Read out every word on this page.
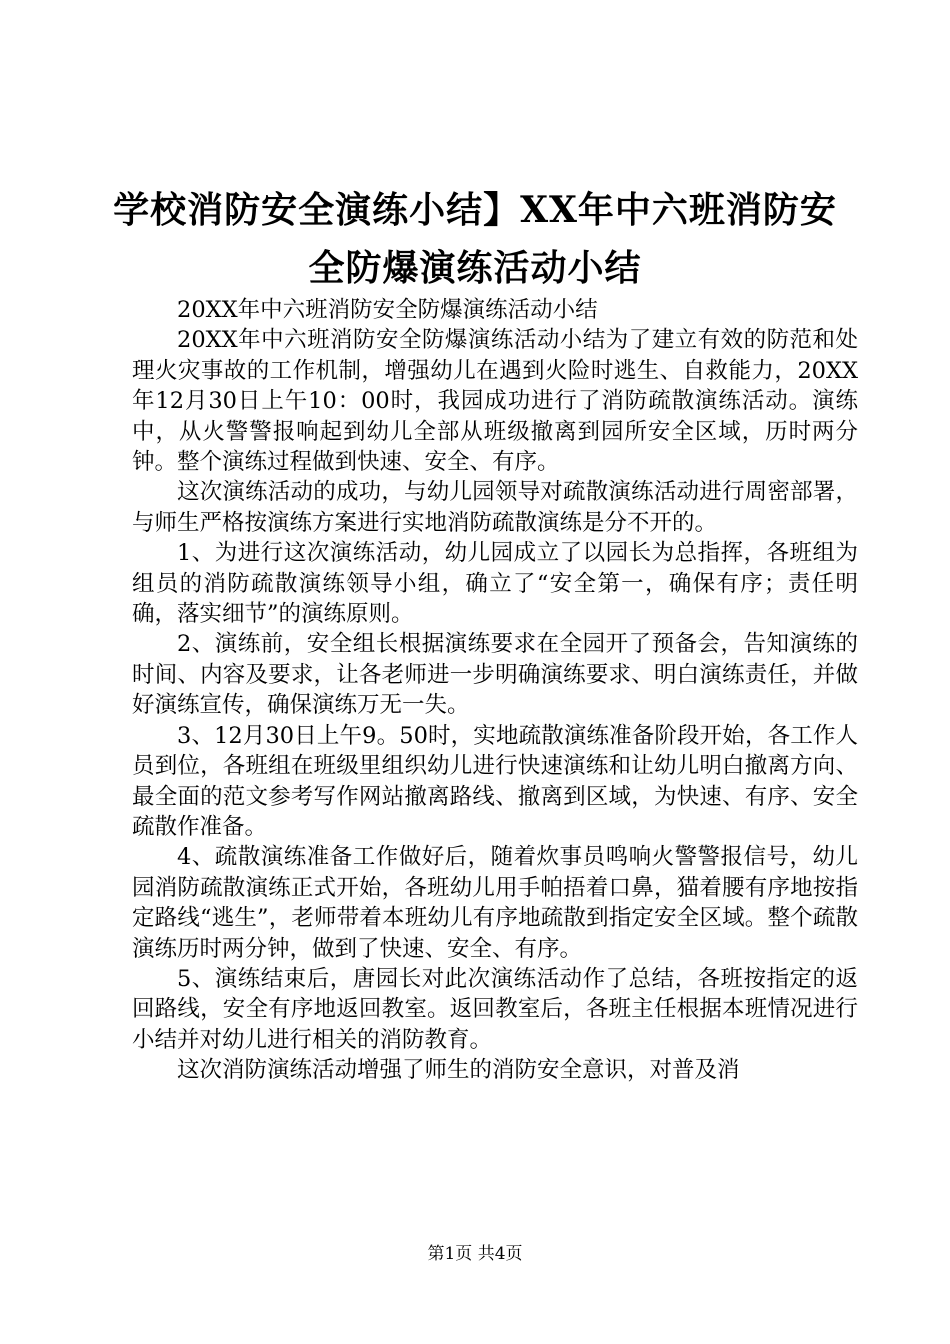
学校消防安全演练小结】XX年中六班消防安
全防爆演练活动小结

20XX年中六班消防安全防爆演练活动小结

20XX年中六班消防安全防爆演练活动小结为了建立有效的防范和处理火灾事故的工作机制，增强幼儿在遇到火险时逃生、自救能力，20XX年12月30日上午10：00时，我园成功进行了消防疏散演练活动。演练中，从火警警报响起到幼儿全部从班级撤离到园所安全区域，历时两分钟。整个演练过程做到快速、安全、有序。

这次演练活动的成功，与幼儿园领导对疏散演练活动进行周密部署，与师生严格按演练方案进行实地消防疏散演练是分不开的。

1、为进行这次演练活动，幼儿园成立了以园长为总指挥，各班组为组员的消防疏散演练领导小组，确立了“安全第一，确保有序；责任明确，落实细节”的演练原则。

2、演练前，安全组长根据演练要求在全园开了预备会，告知演练的时间、内容及要求，让各老师进一步明确演练要求、明白演练责任，并做好演练宣传，确保演练万无一失。

3、12月30日上午9。50时，实地疏散演练准备阶段开始，各工作人员到位，各班组在班级里组织幼儿进行快速演练和让幼儿明白撤离方向、最全面的范文参考写作网站撤离路线、撤离到区域，为快速、有序、安全疏散作准备。

4、疏散演练准备工作做好后，随着炊事员鸣响火警警报信号，幼儿园消防疏散演练正式开始，各班幼儿用手帕捂着口鼻，猫着腰有序地按指定路线“逃生”，老师带着本班幼儿有序地疏散到指定安全区域。整个疏散演练历时两分钟，做到了快速、安全、有序。

5、演练结束后，唐园长对此次演练活动作了总结，各班按指定的返回路线，安全有序地返回教室。返回教室后，各班主任根据本班情况进行小结并对幼儿进行相关的消防教育。

这次消防演练活动增强了师生的消防安全意识，对普及消

第1页 共4页
